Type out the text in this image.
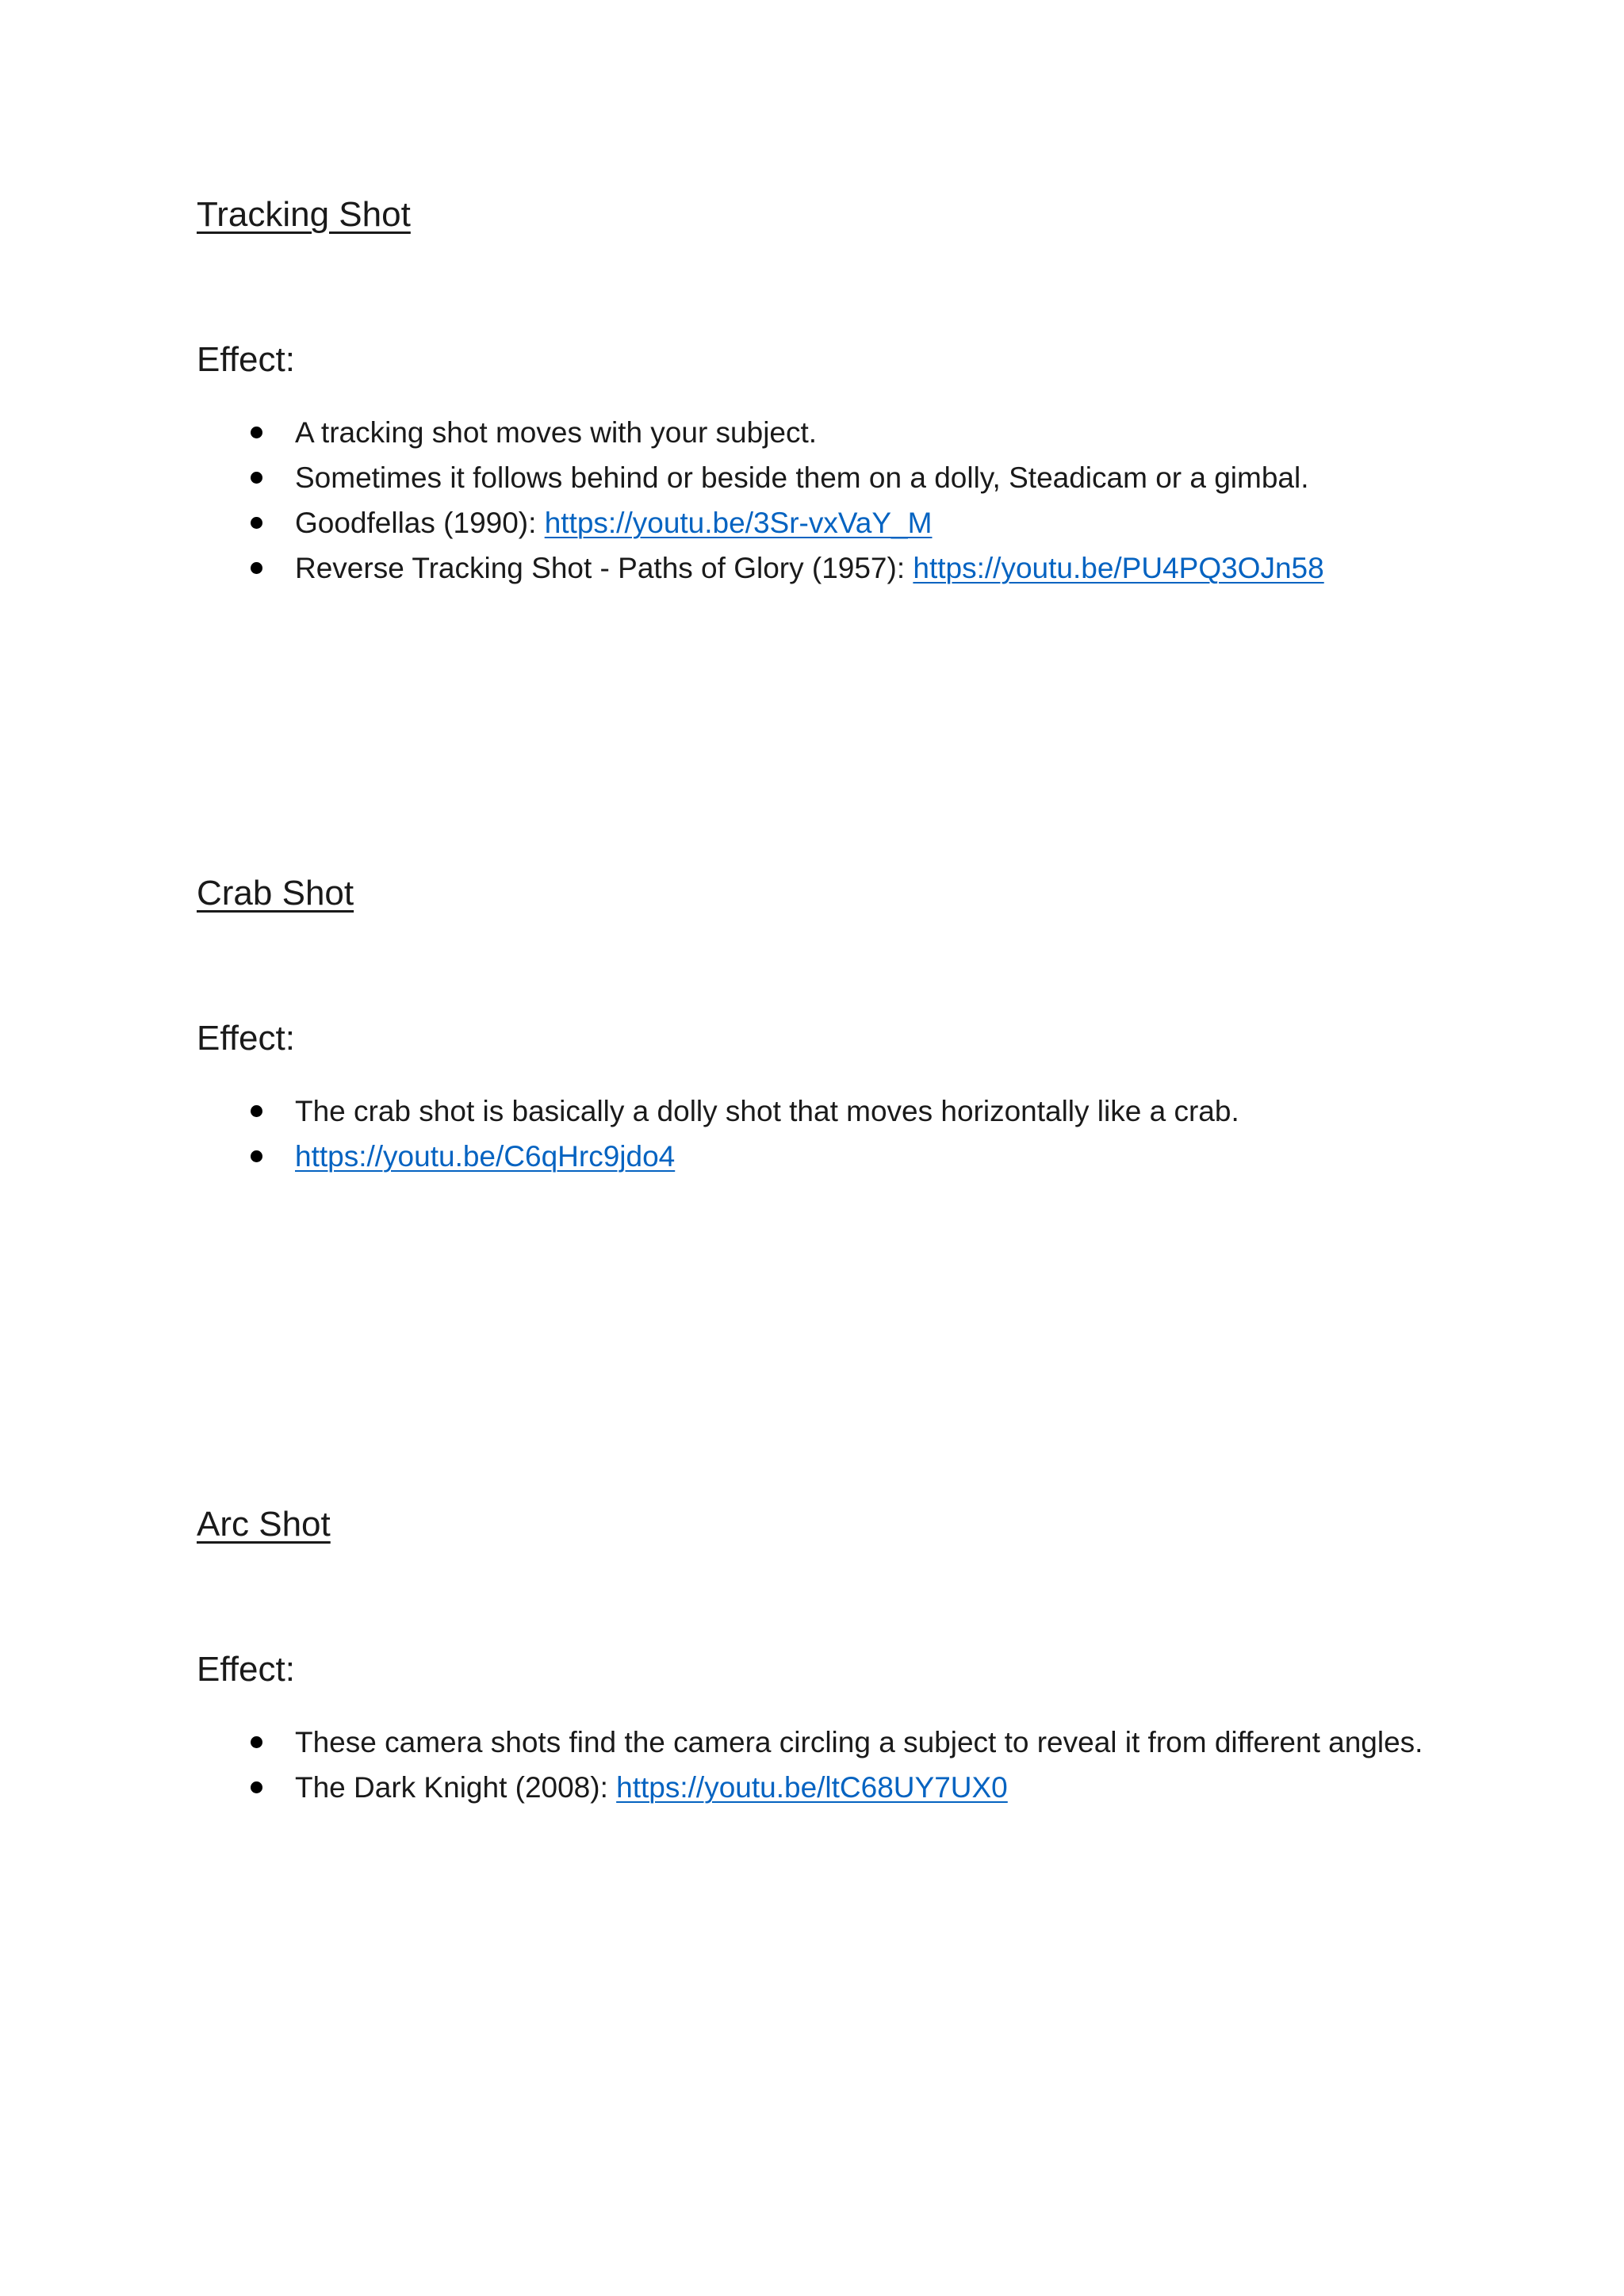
Tracking Shot
Effect:
A tracking shot moves with your subject.
Sometimes it follows behind or beside them on a dolly, Steadicam or a gimbal.
Goodfellas (1990): https://youtu.be/3Sr-vxVaY_M
Reverse Tracking Shot - Paths of Glory (1957): https://youtu.be/PU4PQ3OJn58
Crab Shot
Effect:
The crab shot is basically a dolly shot that moves horizontally like a crab.
https://youtu.be/C6qHrc9jdo4
Arc Shot
Effect:
These camera shots find the camera circling a subject to reveal it from different angles.
The Dark Knight (2008): https://youtu.be/ltC68UY7UX0
